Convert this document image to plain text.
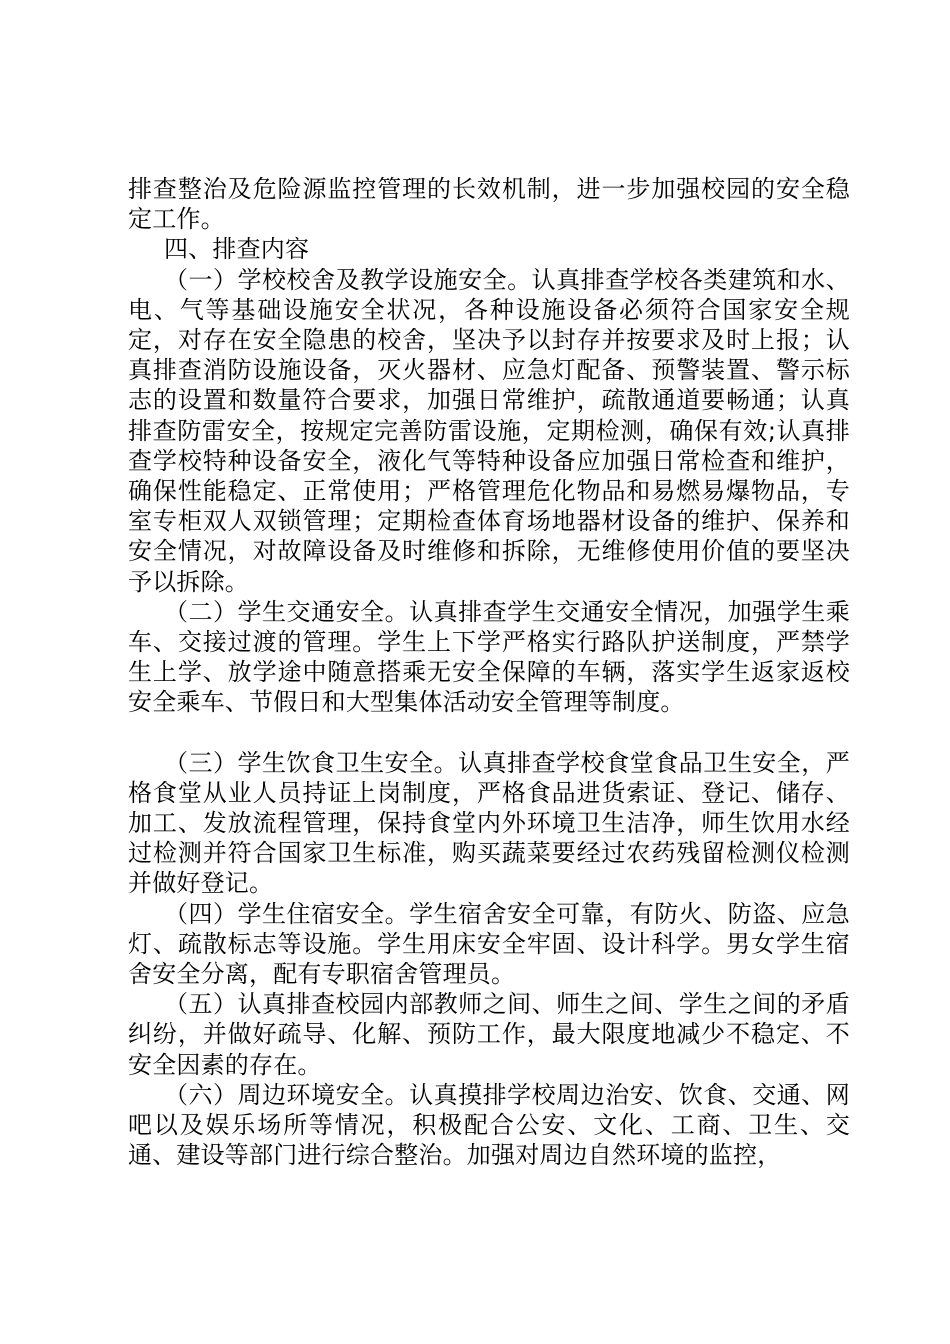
排查整治及危险源监控管理的长效机制，进一步加强校园的安全稳定工作。

四、排查内容

（一）学校校舍及教学设施安全。认真排查学校各类建筑和水、电、气等基础设施安全状况，各种设施设备必须符合国家安全规定，对存在安全隐患的校舍，坚决予以封存并按要求及时上报；认真排查消防设施设备，灭火器材、应急灯配备、预警装置、警示标志的设置和数量符合要求，加强日常维护，疏散通道要畅通；认真排查防雷安全，按规定完善防雷设施，定期检测，确保有效;认真排查学校特种设备安全，液化气等特种设备应加强日常检查和维护，确保性能稳定、正常使用；严格管理危化物品和易燃易爆物品，专室专柜双人双锁管理；定期检查体育场地器材设备的维护、保养和安全情况，对故障设备及时维修和拆除，无维修使用价值的要坚决予以拆除。

（二）学生交通安全。认真排查学生交通安全情况，加强学生乘车、交接过渡的管理。学生上下学严格实行路队护送制度，严禁学生上学、放学途中随意搭乘无安全保障的车辆，落实学生返家返校安全乘车、节假日和大型集体活动安全管理等制度。

（三）学生饮食卫生安全。认真排查学校食堂食品卫生安全，严格食堂从业人员持证上岗制度，严格食品进货索证、登记、储存、加工、发放流程管理，保持食堂内外环境卫生洁净，师生饮用水经过检测并符合国家卫生标准，购买蔬菜要经过农药残留检测仪检测并做好登记。

（四）学生住宿安全。学生宿舍安全可靠，有防火、防盗、应急灯、疏散标志等设施。学生用床安全牢固、设计科学。男女学生宿舍安全分离，配有专职宿舍管理员。

（五）认真排查校园内部教师之间、师生之间、学生之间的矛盾纠纷，并做好疏导、化解、预防工作，最大限度地减少不稳定、不安全因素的存在。

（六）周边环境安全。认真摸排学校周边治安、饮食、交通、网吧以及娱乐场所等情况，积极配合公安、文化、工商、卫生、交通、建设等部门进行综合整治。加强对周边自然环境的监控，
